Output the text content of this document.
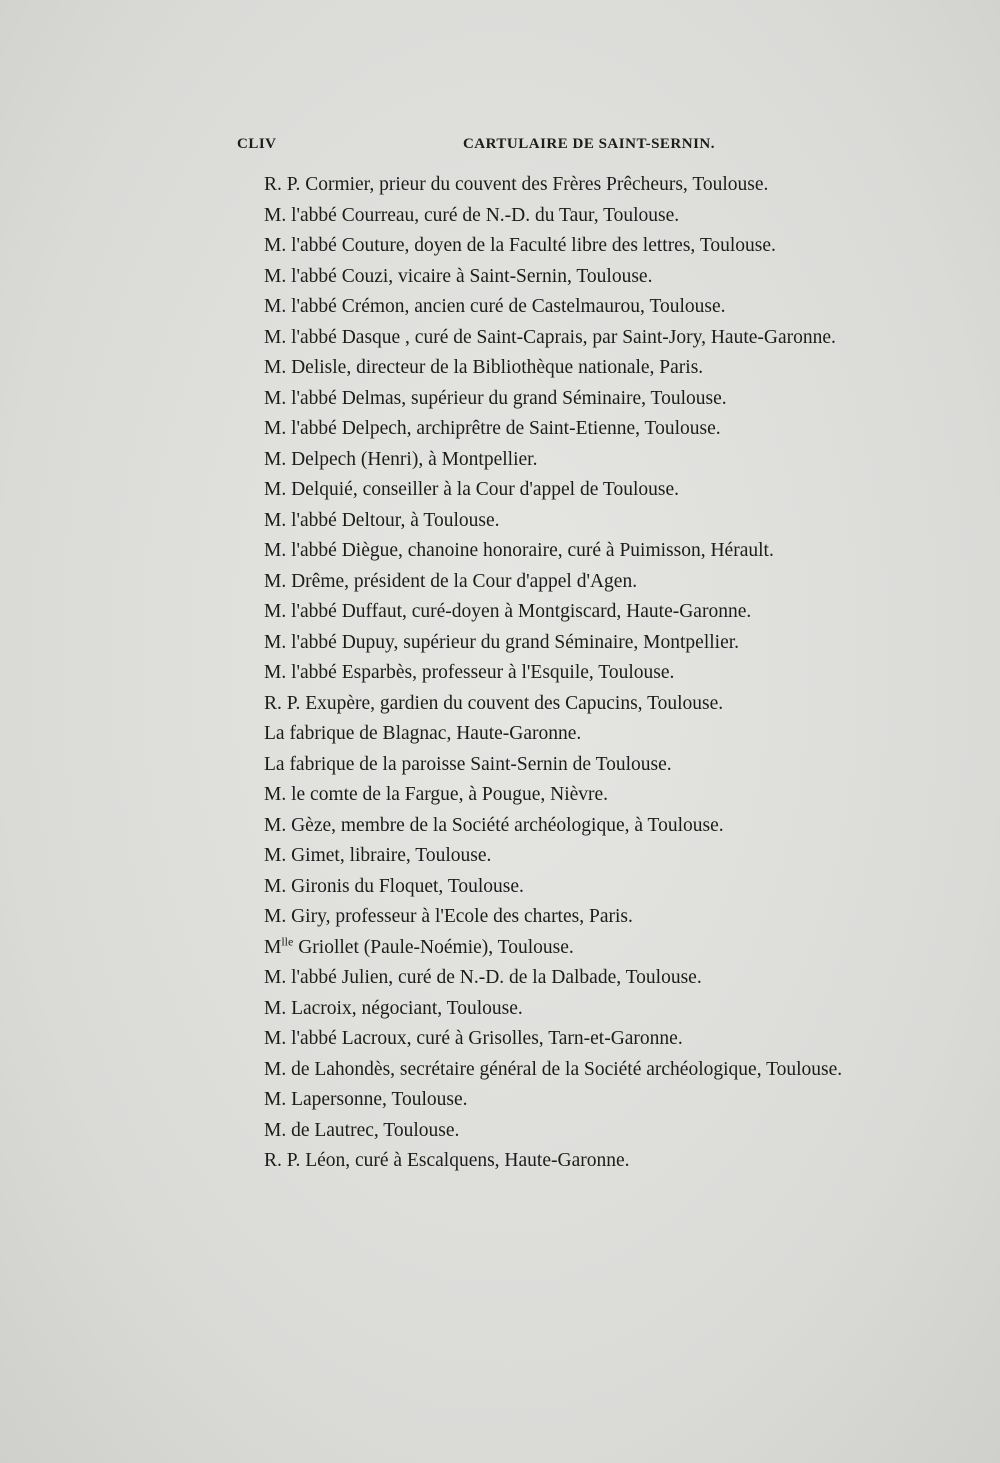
CLIV	CARTULAIRE DE SAINT-SERNIN.
R. P. Cormier, prieur du couvent des Frères Prêcheurs, Toulouse.
M. l'abbé Courreau, curé de N.-D. du Taur, Toulouse.
M. l'abbé Couture, doyen de la Faculté libre des lettres, Toulouse.
M. l'abbé Couzi, vicaire à Saint-Sernin, Toulouse.
M. l'abbé Crémon, ancien curé de Castelmaurou, Toulouse.
M. l'abbé Dasque , curé de Saint-Caprais, par Saint-Jory, Haute-Garonne.
M. Delisle, directeur de la Bibliothèque nationale, Paris.
M. l'abbé Delmas, supérieur du grand Séminaire, Toulouse.
M. l'abbé Delpech, archiprêtre de Saint-Etienne, Toulouse.
M. Delpech (Henri), à Montpellier.
M. Delquié, conseiller à la Cour d'appel de Toulouse.
M. l'abbé Deltour, à Toulouse.
M. l'abbé Diègue, chanoine honoraire, curé à Puimisson, Hérault.
M. Drême, président de la Cour d'appel d'Agen.
M. l'abbé Duffaut, curé-doyen à Montgiscard, Haute-Garonne.
M. l'abbé Dupuy, supérieur du grand Séminaire, Montpellier.
M. l'abbé Esparbès, professeur à l'Esquile, Toulouse.
R. P. Exupère, gardien du couvent des Capucins, Toulouse.
La fabrique de Blagnac, Haute-Garonne.
La fabrique de la paroisse Saint-Sernin de Toulouse.
M. le comte de la Fargue, à Pougue, Nièvre.
M. Gèze, membre de la Société archéologique, à Toulouse.
M. Gimet, libraire, Toulouse.
M. Gironis du Floquet, Toulouse.
M. Giry, professeur à l'Ecole des chartes, Paris.
$M^{lle}$ Griollet (Paule-Noémie), Toulouse.
M. l'abbé Julien, curé de N.-D. de la Dalbade, Toulouse.
M. Lacroix, négociant, Toulouse.
M. l'abbé Lacroux, curé à Grisolles, Tarn-et-Garonne.
M. de Lahondès, secrétaire général de la Société archéologique, Toulouse.
M. Lapersonne, Toulouse.
M. de Lautrec, Toulouse.
R. P. Léon, curé à Escalquens, Haute-Garonne.
